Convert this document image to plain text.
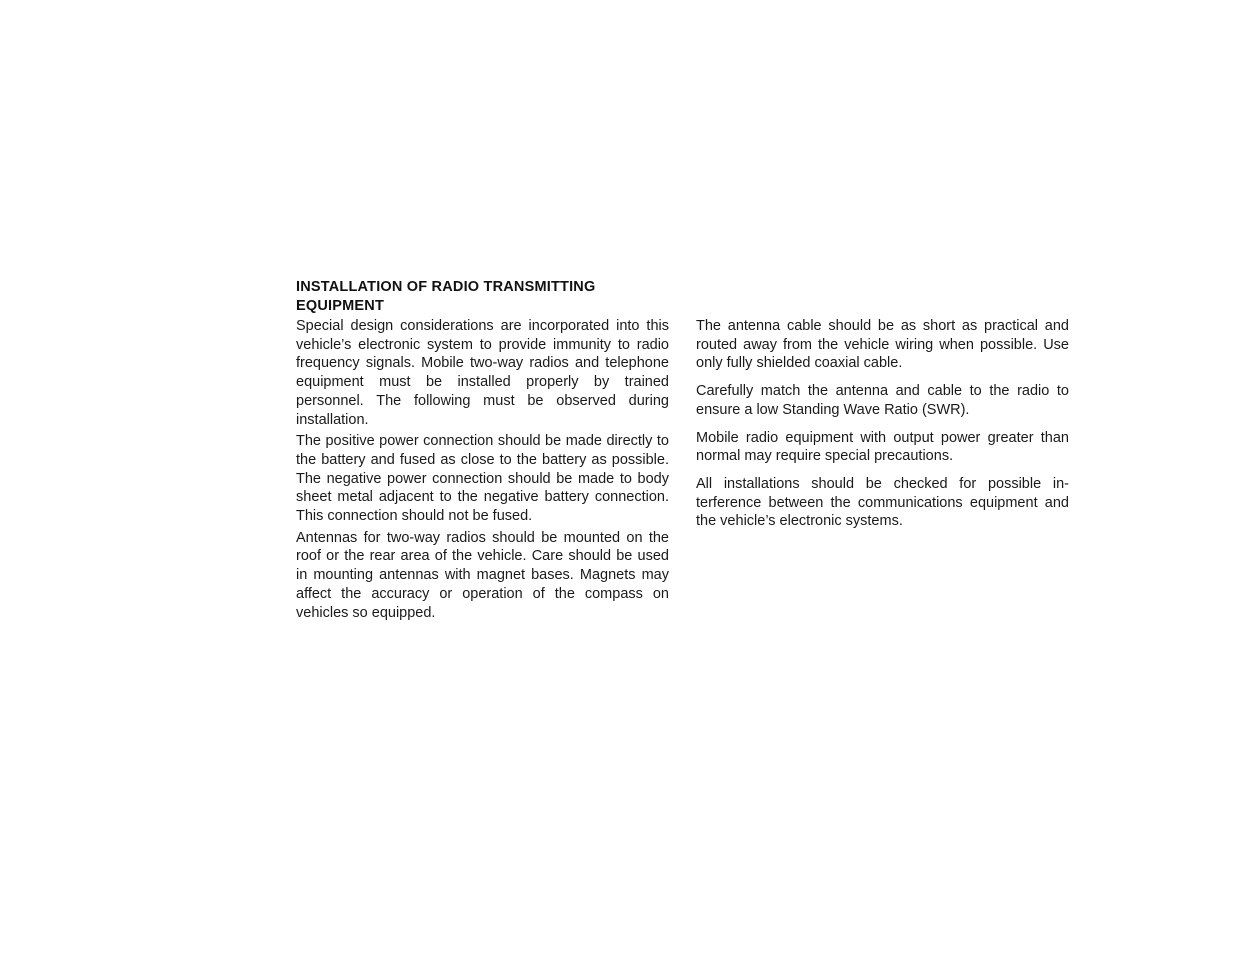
INSTALLATION OF RADIO TRANSMITTING EQUIPMENT

Special design considerations are incorporated into this vehicle’s electronic system to provide immunity to radio frequency signals. Mobile two-way radios and telephone equipment must be installed properly by trained personnel. The following must be observed during installation.

The positive power connection should be made directly to the battery and fused as close to the battery as possible. The negative power connection should be made to body sheet metal adjacent to the negative battery connection. This connection should not be fused.

Antennas for two-way radios should be mounted on the roof or the rear area of the vehicle. Care should be used in mounting antennas with magnet bases. Magnets may affect the accuracy or operation of the compass on vehicles so equipped.

The antenna cable should be as short as practical and routed away from the vehicle wiring when possible. Use only fully shielded coaxial cable.

Carefully match the antenna and cable to the radio to ensure a low Standing Wave Ratio (SWR).

Mobile radio equipment with output power greater than normal may require special precautions.

All installations should be checked for possible interference between the communications equipment and the vehicle’s electronic systems.
